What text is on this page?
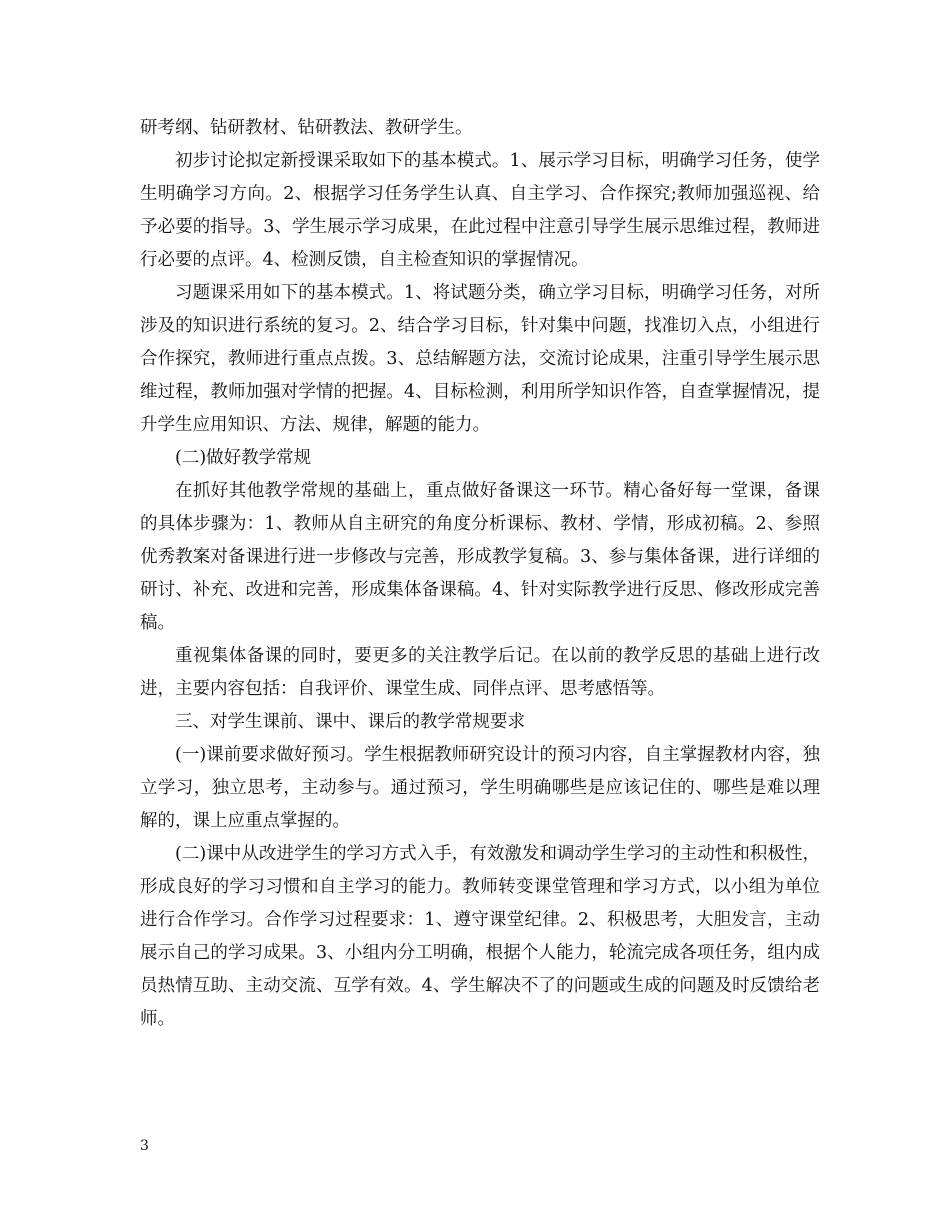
研考纲、钻研教材、钻研教法、教研学生。

初步讨论拟定新授课采取如下的基本模式。1、展示学习目标，明确学习任务，使学生明确学习方向。2、根据学习任务学生认真、自主学习、合作探究;教师加强巡视、给予必要的指导。3、学生展示学习成果，在此过程中注意引导学生展示思维过程，教师进行必要的点评。4、检测反馈，自主检查知识的掌握情况。

习题课采用如下的基本模式。1、将试题分类，确立学习目标，明确学习任务，对所涉及的知识进行系统的复习。2、结合学习目标，针对集中问题，找准切入点，小组进行合作探究，教师进行重点点拨。3、总结解题方法，交流讨论成果，注重引导学生展示思维过程，教师加强对学情的把握。4、目标检测，利用所学知识作答，自查掌握情况，提升学生应用知识、方法、规律，解题的能力。

(二)做好教学常规

在抓好其他教学常规的基础上，重点做好备课这一环节。精心备好每一堂课，备课的具体步骤为：1、教师从自主研究的角度分析课标、教材、学情，形成初稿。2、参照优秀教案对备课进行进一步修改与完善，形成教学复稿。3、参与集体备课，进行详细的研讨、补充、改进和完善，形成集体备课稿。4、针对实际教学进行反思、修改形成完善稿。

重视集体备课的同时，要更多的关注教学后记。在以前的教学反思的基础上进行改进，主要内容包括：自我评价、课堂生成、同伴点评、思考感悟等。

三、对学生课前、课中、课后的教学常规要求

(一)课前要求做好预习。学生根据教师研究设计的预习内容，自主掌握教材内容，独立学习，独立思考，主动参与。通过预习，学生明确哪些是应该记住的、哪些是难以理解的，课上应重点掌握的。

(二)课中从改进学生的学习方式入手，有效激发和调动学生学习的主动性和积极性，形成良好的学习习惯和自主学习的能力。教师转变课堂管理和学习方式，以小组为单位进行合作学习。合作学习过程要求：1、遵守课堂纪律。2、积极思考，大胆发言，主动展示自己的学习成果。3、小组内分工明确，根据个人能力，轮流完成各项任务，组内成员热情互助、主动交流、互学有效。4、学生解决不了的问题或生成的问题及时反馈给老师。

3
